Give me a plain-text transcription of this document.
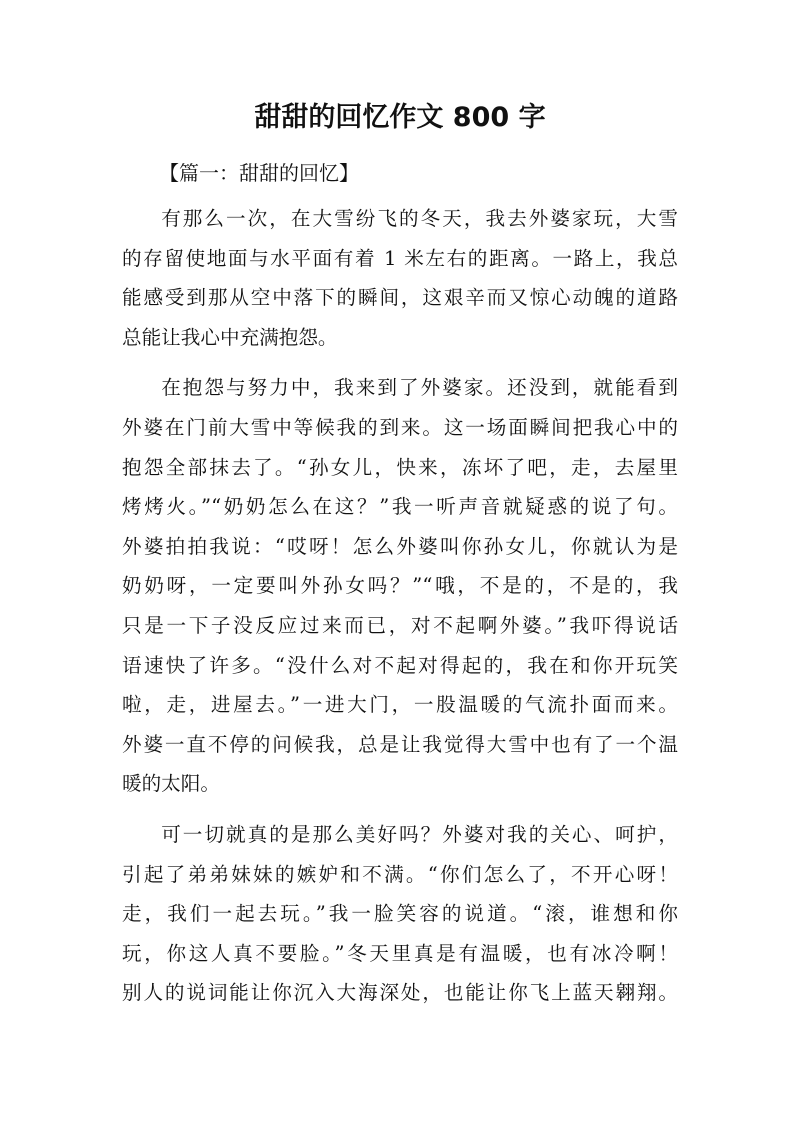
甜甜的回忆作文 800 字
【篇一：甜甜的回忆】
有那么一次，在大雪纷飞的冬天，我去外婆家玩，大雪
的存留使地面与水平面有着 1 米左右的距离。一路上，我总
能感受到那从空中落下的瞬间，这艰辛而又惊心动魄的道路
总能让我心中充满抱怨。
在抱怨与努力中，我来到了外婆家。还没到，就能看到
外婆在门前大雪中等候我的到来。这一场面瞬间把我心中的
抱怨全部抹去了。“孙女儿，快来，冻坏了吧，走，去屋里
烤烤火。”“奶奶怎么在这？”我一听声音就疑惑的说了句。
外婆拍拍我说：“哎呀！怎么外婆叫你孙女儿，你就认为是
奶奶呀，一定要叫外孙女吗？”“哦，不是的，不是的，我
只是一下子没反应过来而已，对不起啊外婆。”我吓得说话
语速快了许多。“没什么对不起对得起的，我在和你开玩笑
啦，走，进屋去。”一进大门，一股温暖的气流扑面而来。
外婆一直不停的问候我，总是让我觉得大雪中也有了一个温
暖的太阳。
可一切就真的是那么美好吗？外婆对我的关心、呵护，
引起了弟弟妹妹的嫉妒和不满。“你们怎么了，不开心呀！
走，我们一起去玩。”我一脸笑容的说道。“滚，谁想和你
玩，你这人真不要脸。”冬天里真是有温暖，也有冰冷啊！
别人的说词能让你沉入大海深处，也能让你飞上蓝天翱翔。
